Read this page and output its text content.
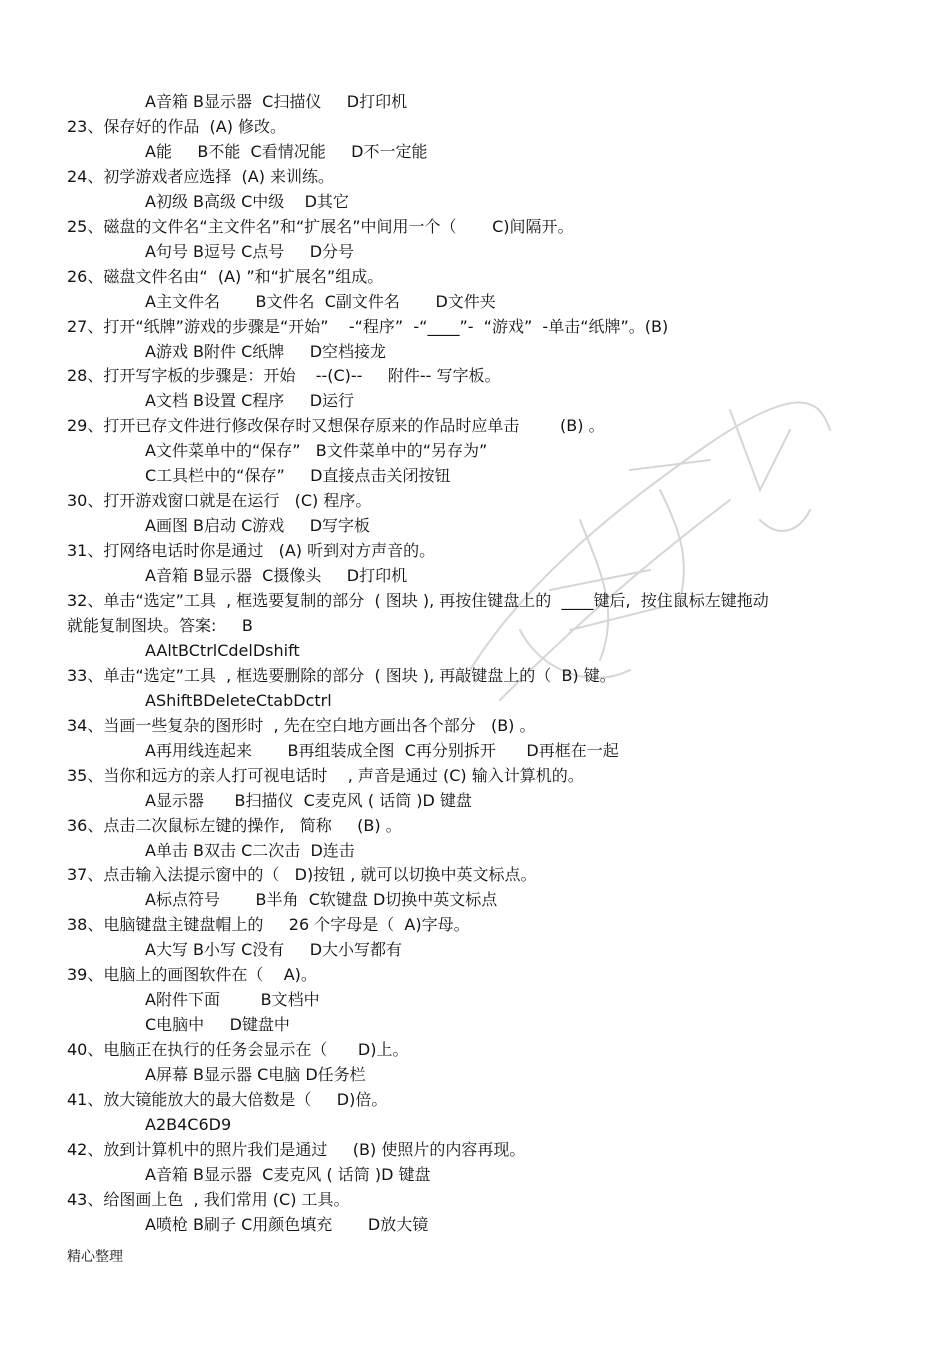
A音箱 B显示器  C扫描仪     D打印机
23、保存好的作品  (A) 修改。
A能     B不能  C看情况能     D不一定能
24、初学游戏者应选择  (A) 来训练。
A初级 B高级 C中级    D其它
25、磁盘的文件名“主文件名”和“扩展名”中间用一个（       C)间隔开。
A句号 B逗号 C点号     D分号
26、磁盘文件名由“  (A) ”和“扩展名”组成。
A主文件名       B文件名  C副文件名       D文件夹
27、打开“纸牌”游戏的步骤是“开始”    -“程序”  -“____”-  “游戏”  -单击“纸牌”。(B)
A游戏 B附件 C纸牌     D空档接龙
28、打开写字板的步骤是：开始    --(C)--     附件-- 写字板。
A文档 B设置 C程序     D运行
29、打开已存文件进行修改保存时又想保存原来的作品时应单击        (B) 。
A文件菜单中的“保存”   B文件菜单中的“另存为”
C工具栏中的“保存”     D直接点击关闭按钮
30、打开游戏窗口就是在运行   (C) 程序。
A画图 B启动 C游戏     D写字板
31、打网络电话时你是通过   (A) 听到对方声音的。
A音箱 B显示器  C摄像头     D打印机
32、单击“选定”工具  , 框选要复制的部分  ( 图块 ), 再按住键盘上的  ____键后,  按住鼠标左键拖动
就能复制图块。答案:     B
AAltBCtrlCdelDshift
33、单击“选定”工具  , 框选要删除的部分  ( 图块 ), 再敲键盘上的（  B) 键。
AShiftBDeleteCtabDctrl
34、当画一些复杂的图形时  , 先在空白地方画出各个部分   (B) 。
A再用线连起来       B再组装成全图  C再分别拆开      D再框在一起
35、当你和远方的亲人打可视电话时    , 声音是通过 (C) 输入计算机的。
A显示器      B扫描仪  C麦克风 ( 话筒 )D 键盘
36、点击二次鼠标左键的操作,   简称     (B) 。
A单击 B双击 C二次击  D连击
37、点击输入法提示窗中的（   D)按钮 , 就可以切换中英文标点。
A标点符号       B半角  C软键盘 D切换中英文标点
38、电脑键盘主键盘帽上的     26 个字母是（  A)字母。
A大写 B小写 C没有     D大小写都有
39、电脑上的画图软件在（    A)。
A附件下面        B文档中
C电脑中     D键盘中
40、电脑正在执行的任务会显示在（      D)上。
A屏幕 B显示器 C电脑 D任务栏
41、放大镜能放大的最大倍数是（     D)倍。
A2B4C6D9
42、放到计算机中的照片我们是通过     (B) 使照片的内容再现。
A音箱 B显示器  C麦克风 ( 话筒 )D 键盘
43、给图画上色  , 我们常用 (C) 工具。
A喷枪 B刷子 C用颜色填充       D放大镜
精心整理
